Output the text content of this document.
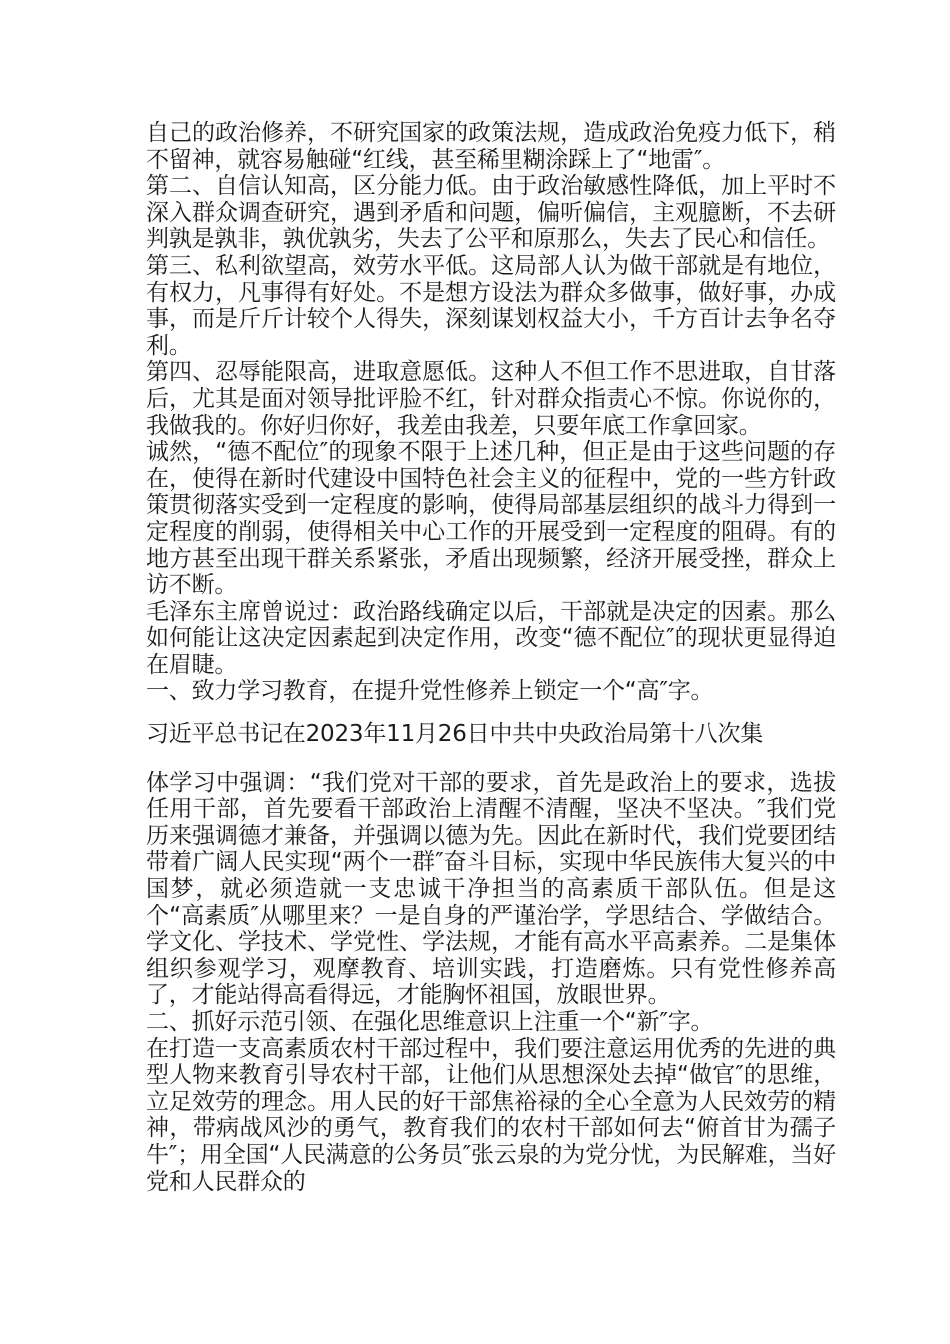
自己的政治修养，不研究国家的政策法规，造成政治免疫力低下，稍不留神，就容易触碰“红线，甚至稀里糊涂踩上了“地雷″。

第二、自信认知高，区分能力低。由于政治敏感性降低，加上平时不深入群众调查研究，遇到矛盾和问题，偏听偏信，主观臆断，不去研判孰是孰非，孰优孰劣，失去了公平和原那么，失去了民心和信任。

第三、私利欲望高，效劳水平低。这局部人认为做干部就是有地位，有权力，凡事得有好处。不是想方设法为群众多做事，做好事，办成事，而是斤斤计较个人得失，深刻谋划权益大小，千方百计去争名夺利。

第四、忍辱能限高，进取意愿低。这种人不但工作不思进取，自甘落后，尤其是面对领导批评脸不红，针对群众指责心不惊。你说你的，我做我的。你好归你好，我差由我差，只要年底工作拿回家。

诚然，“德不配位″的现象不限于上述几种，但正是由于这些问题的存在，使得在新时代建设中国特色社会主义的征程中，党的一些方针政策贯彻落实受到一定程度的影响，使得局部基层组织的战斗力得到一定程度的削弱，使得相关中心工作的开展受到一定程度的阻碍。有的地方甚至出现干群关系紧张，矛盾出现频繁，经济开展受挫，群众上访不断。

毛泽东主席曾说过：政治路线确定以后，干部就是决定的因素。那么如何能让这决定因素起到决定作用，改变“德不配位″的现状更显得迫在眉睫。

一、致力学习教育，在提升党性修养上锁定一个“高″字。

习近平总书记在2023年11月26日中共中央政治局第十八次集

体学习中强调：“我们党对干部的要求，首先是政治上的要求，选拔任用干部，首先要看干部政治上清醒不清醒，坚决不坚决。″我们党历来强调德才兼备，并强调以德为先。因此在新时代，我们党要团结带着广阔人民实现“两个一群″奋斗目标，实现中华民族伟大复兴的中国梦，就必须造就一支忠诚干净担当的高素质干部队伍。但是这个“高素质″从哪里来？一是自身的严谨治学，学思结合、学做结合。学文化、学技术、学党性、学法规，才能有高水平高素养。二是集体组织参观学习，观摩教育、培训实践，打造磨炼。只有党性修养高了，才能站得高看得远，才能胸怀祖国，放眼世界。

二、抓好示范引领、在强化思维意识上注重一个“新″字。

在打造一支高素质农村干部过程中，我们要注意运用优秀的先进的典型人物来教育引导农村干部，让他们从思想深处去掉“做官″的思维，立足效劳的理念。用人民的好干部焦裕禄的全心全意为人民效劳的精神，带病战风沙的勇气，教育我们的农村干部如何去“俯首甘为孺子牛″；用全国“人民满意的公务员″张云泉的为党分忧，为民解难，当好党和人民群众的
